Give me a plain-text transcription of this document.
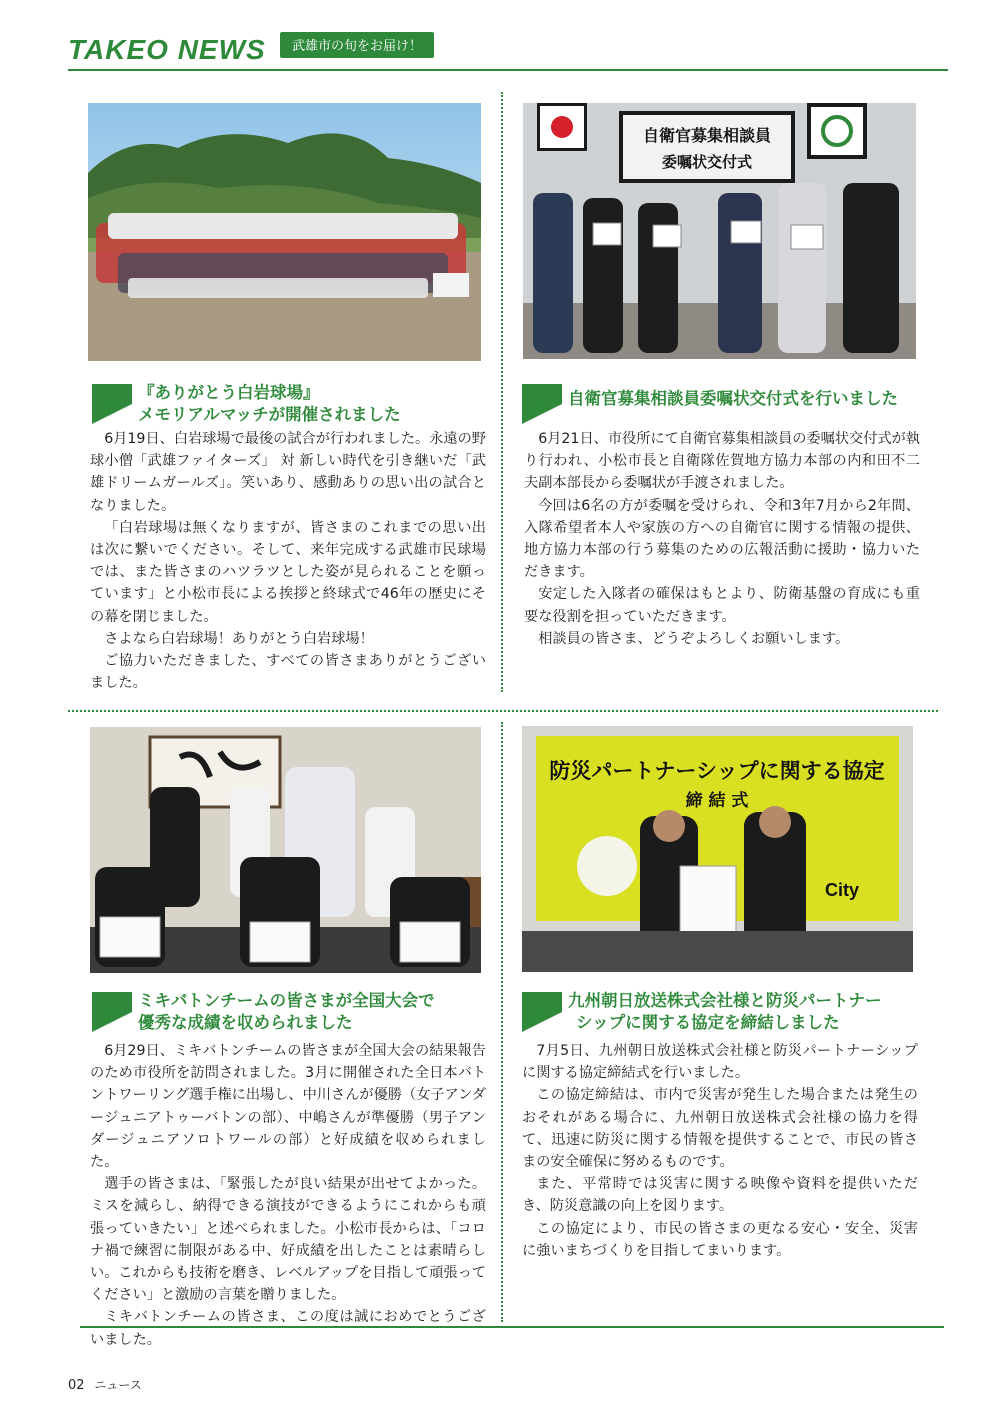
TAKEO NEWS	武雄市の旬をお届け！
NEWS
『ありがとう白岩球場』
メモリアルマッチが開催されました

6月19日、白岩球場で最後の試合が行われました。永遠の野球小僧「武雄ファイターズ」 対 新しい時代を引き継いだ「武雄ドリームガールズ」。笑いあり、感動ありの思い出の試合となりました。

「白岩球場は無くなりますが、皆さまのこれまでの思い出は次に繋いでください。そして、来年完成する武雄市民球場では、また皆さまのハツラツとした姿が見られることを願っています」と小松市長による挨拶と終球式で46年の歴史にその幕を閉じました。

さよなら白岩球場！ありがとう白岩球場！

ご協力いただきました、すべての皆さまありがとうございました。

自衛官募集相談員
委嘱状交付式
NEWS 自衛官募集相談員委嘱状交付式を行いました

6月21日、市役所にて自衛官募集相談員の委嘱状交付式が執り行われ、小松市長と自衛隊佐賀地方協力本部の内和田不二夫副本部長から委嘱状が手渡されました。

今回は6名の方が委嘱を受けられ、令和3年7月から2年間、入隊希望者本人や家族の方への自衛官に関する情報の提供、地方協力本部の行う募集のための広報活動に援助・協力いただきます。

安定した入隊者の確保はもとより、防衛基盤の育成にも重要な役割を担っていただきます。

相談員の皆さま、どうぞよろしくお願いします。

NEWS
ミキバトンチームの皆さまが全国大会で
優秀な成績を収められました

6月29日、ミキバトンチームの皆さまが全国大会の結果報告のため市役所を訪問されました。3月に開催された全日本バトントワーリング選手権に出場し、中川さんが優勝（女子アンダージュニアトゥーバトンの部）、中嶋さんが準優勝（男子アンダージュニアソロトワールの部）と好成績を収められました。

選手の皆さまは、「緊張したが良い結果が出せてよかった。ミスを減らし、納得できる演技ができるようにこれからも頑張っていきたい」と述べられました。小松市長からは、「コロナ禍で練習に制限がある中、好成績を出したことは素晴らしい。これからも技術を磨き、レベルアップを目指して頑張ってください」と激励の言葉を贈りました。

ミキバトンチームの皆さま、この度は誠におめでとうございました。

防災パートナーシップに関する協定
締 結 式
City
NEWS
九州朝日放送株式会社様と防災パートナー
シップに関する協定を締結しました

7月5日、九州朝日放送株式会社様と防災パートナーシップに関する協定締結式を行いました。

この協定締結は、市内で災害が発生した場合または発生のおそれがある場合に、九州朝日放送株式会社様の協力を得て、迅速に防災に関する情報を提供することで、市民の皆さまの安全確保に努めるものです。

また、平常時では災害に関する映像や資料を提供いただき、防災意識の向上を図ります。

この協定により、市民の皆さまの更なる安心・安全、災害に強いまちづくりを目指してまいります。

02 ニュース
